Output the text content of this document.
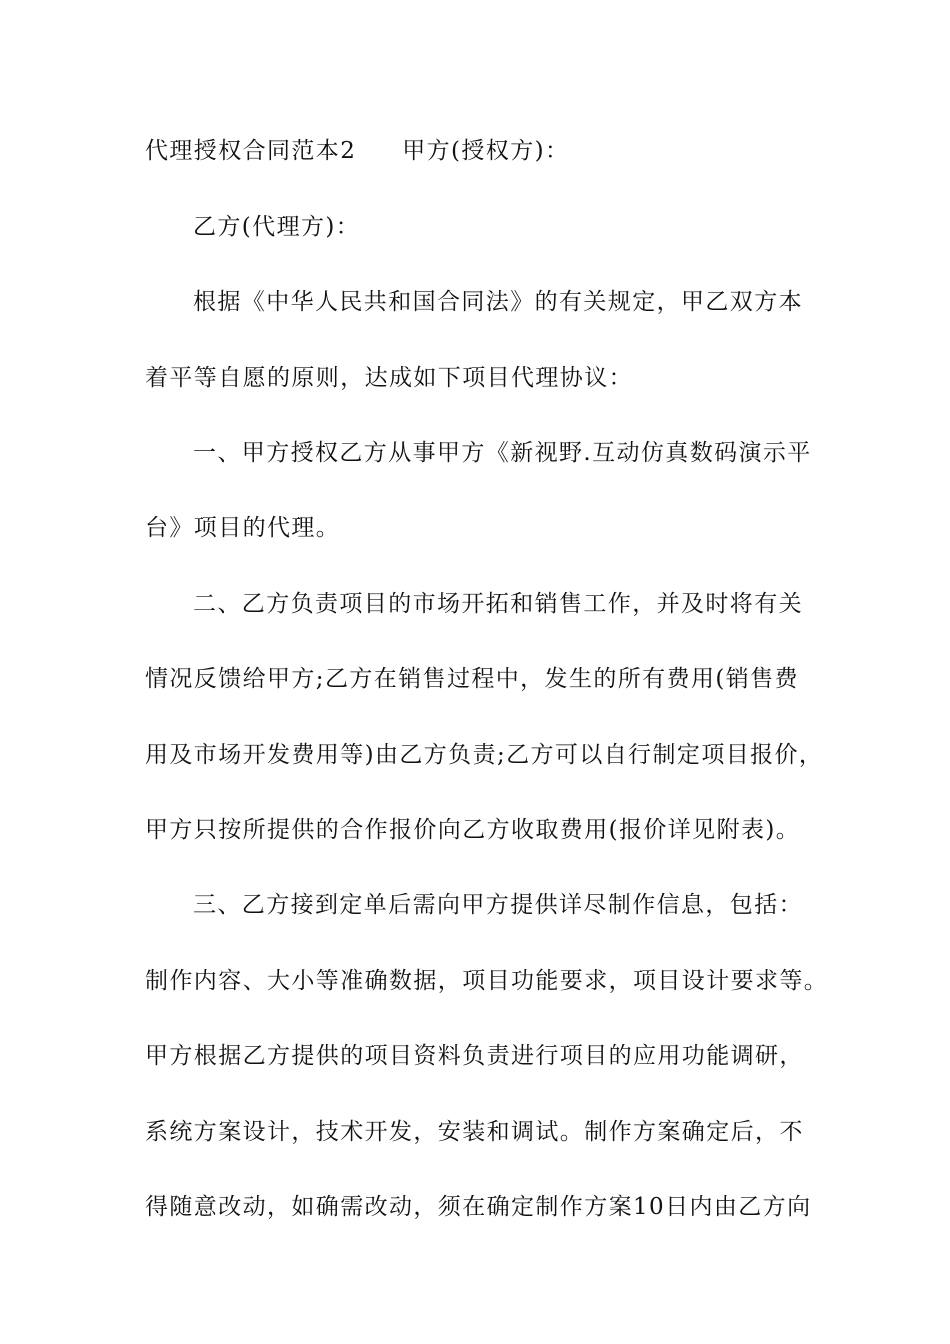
代理授权合同范本2 甲方(授权方)：
乙方(代理方)：
根据《中华人民共和国合同法》的有关规定，甲乙双方本
着平等自愿的原则，达成如下项目代理协议：
一、甲方授权乙方从事甲方《新视野.互动仿真数码演示平
台》项目的代理。
二、乙方负责项目的市场开拓和销售工作，并及时将有关
情况反馈给甲方;乙方在销售过程中，发生的所有费用(销售费
用及市场开发费用等)由乙方负责;乙方可以自行制定项目报价，
甲方只按所提供的合作报价向乙方收取费用(报价详见附表)。
三、乙方接到定单后需向甲方提供详尽制作信息，包括：
制作内容、大小等准确数据，项目功能要求，项目设计要求等。
甲方根据乙方提供的项目资料负责进行项目的应用功能调研，
系统方案设计，技术开发，安装和调试。制作方案确定后，不
得随意改动，如确需改动，须在确定制作方案10日内由乙方向
